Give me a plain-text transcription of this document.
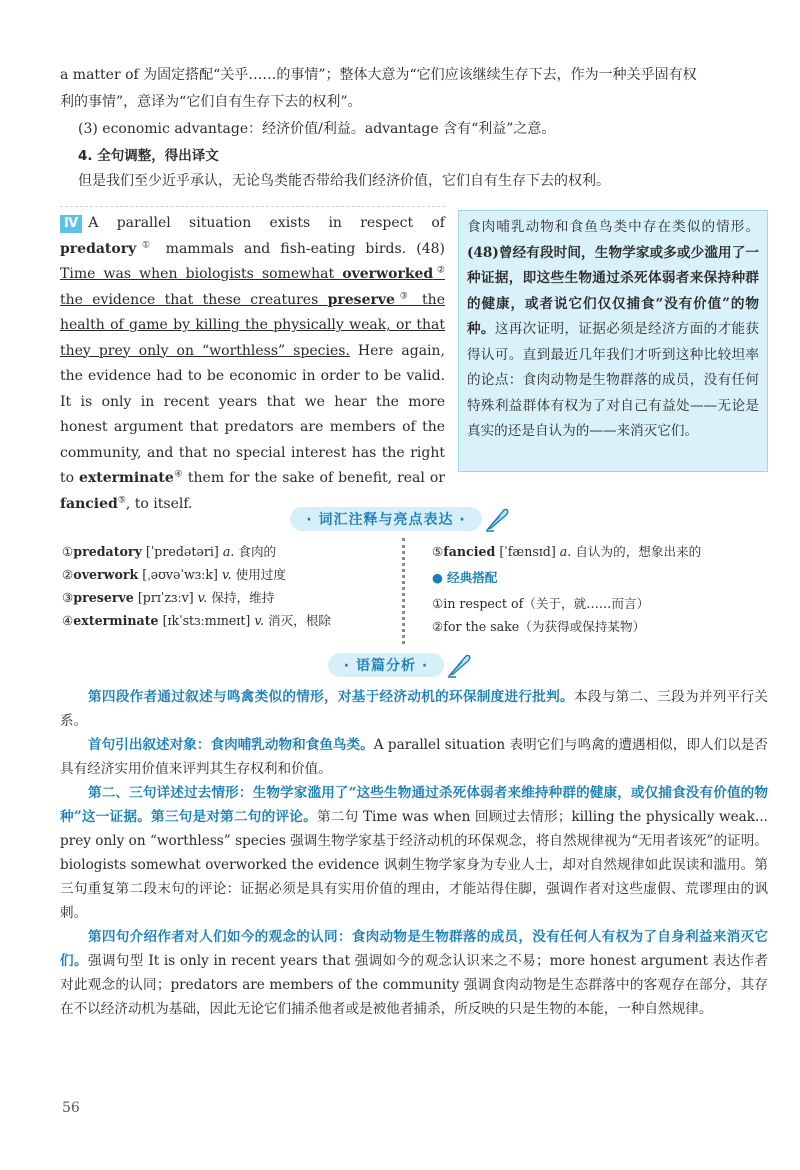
a matter of 为固定搭配“关乎……的事情”；整体大意为“它们应该继续生存下去，作为一种关乎固有权
利的事情”，意译为“它们自有生存下去的权利”。
(3) economic advantage：经济价值/利益。advantage 含有“利益”之意。
4. 全句调整，得出译文
但是我们至少近乎承认，无论鸟类能否带给我们经济价值，它们自有生存下去的权利。
Ⅳ A parallel situation exists in respect of predatory① mammals and fish-eating birds. (48) Time was when biologists somewhat overworked② the evidence that these creatures preserve③ the health of game by killing the physically weak, or that they prey only on “worthless” species. Here again, the evidence had to be economic in order to be valid. It is only in recent years that we hear the more honest argument that predators are members of the community, and that no special interest has the right to exterminate④ them for the sake of benefit, real or fancied⑤, to itself.
食肉哺乳动物和食鱼鸟类中存在类似的情形。(48)曾经有段时间，生物学家或多或少滥用了一种证据，即这些生物通过杀死体弱者来保持种群的健康，或者说它们仅仅捕食“没有价值”的物种。这再次证明，证据必须是经济方面的才能获得认可。直到最近几年我们才听到这种比较坦率的论点：食肉动物是生物群落的成员，没有任何特殊利益群体有权为了对自己有益处——无论是真实的还是自认为的——来消灭它们。
· 词汇注释与亮点表达 ·
①predatory [ˈpredətəri] a. 食肉的
②overwork [ˌəʊvəˈwɜːk] v. 使用过度
③preserve [prɪˈzɜːv] v. 保持，维持
④exterminate [ɪkˈstɜːmɪneɪt] v. 消灭，根除
⑤fancied [ˈfænsɪd] a. 自认为的，想象出来的
● 经典搭配
①in respect of（关于，就……而言）
②for the sake（为获得或保持某物）
· 语篇分析 ·

第四段作者通过叙述与鸣禽类似的情形，对基于经济动机的环保制度进行批判。本段与第二、三段为并列平行关系。

首句引出叙述对象：食肉哺乳动物和食鱼鸟类。A parallel situation 表明它们与鸣禽的遭遇相似，即人们以是否具有经济实用价值来评判其生存权利和价值。

第二、三句详述过去情形：生物学家滥用了“这些生物通过杀死体弱者来维持种群的健康，或仅捕食没有价值的物种”这一证据。第三句是对第二句的评论。第二句 Time was when 回顾过去情形；killing the physically weak... prey only on “worthless” species 强调生物学家基于经济动机的环保观念，将自然规律视为“无用者该死”的证明。biologists somewhat overworked the evidence 讽刺生物学家身为专业人士，却对自然规律如此误读和滥用。第三句重复第二段末句的评论：证据必须是具有实用价值的理由，才能站得住脚，强调作者对这些虚假、荒谬理由的讽刺。

第四句介绍作者对人们如今的观念的认同：食肉动物是生物群落的成员，没有任何人有权为了自身利益来消灭它们。强调句型 It is only in recent years that 强调如今的观念认识来之不易；more honest argument 表达作者对此观念的认同；predators are members of the community 强调食肉动物是生态群落中的客观存在部分，其存在不以经济动机为基础，因此无论它们捕杀他者或是被他者捕杀，所反映的只是生物的本能，一种自然规律。

56
